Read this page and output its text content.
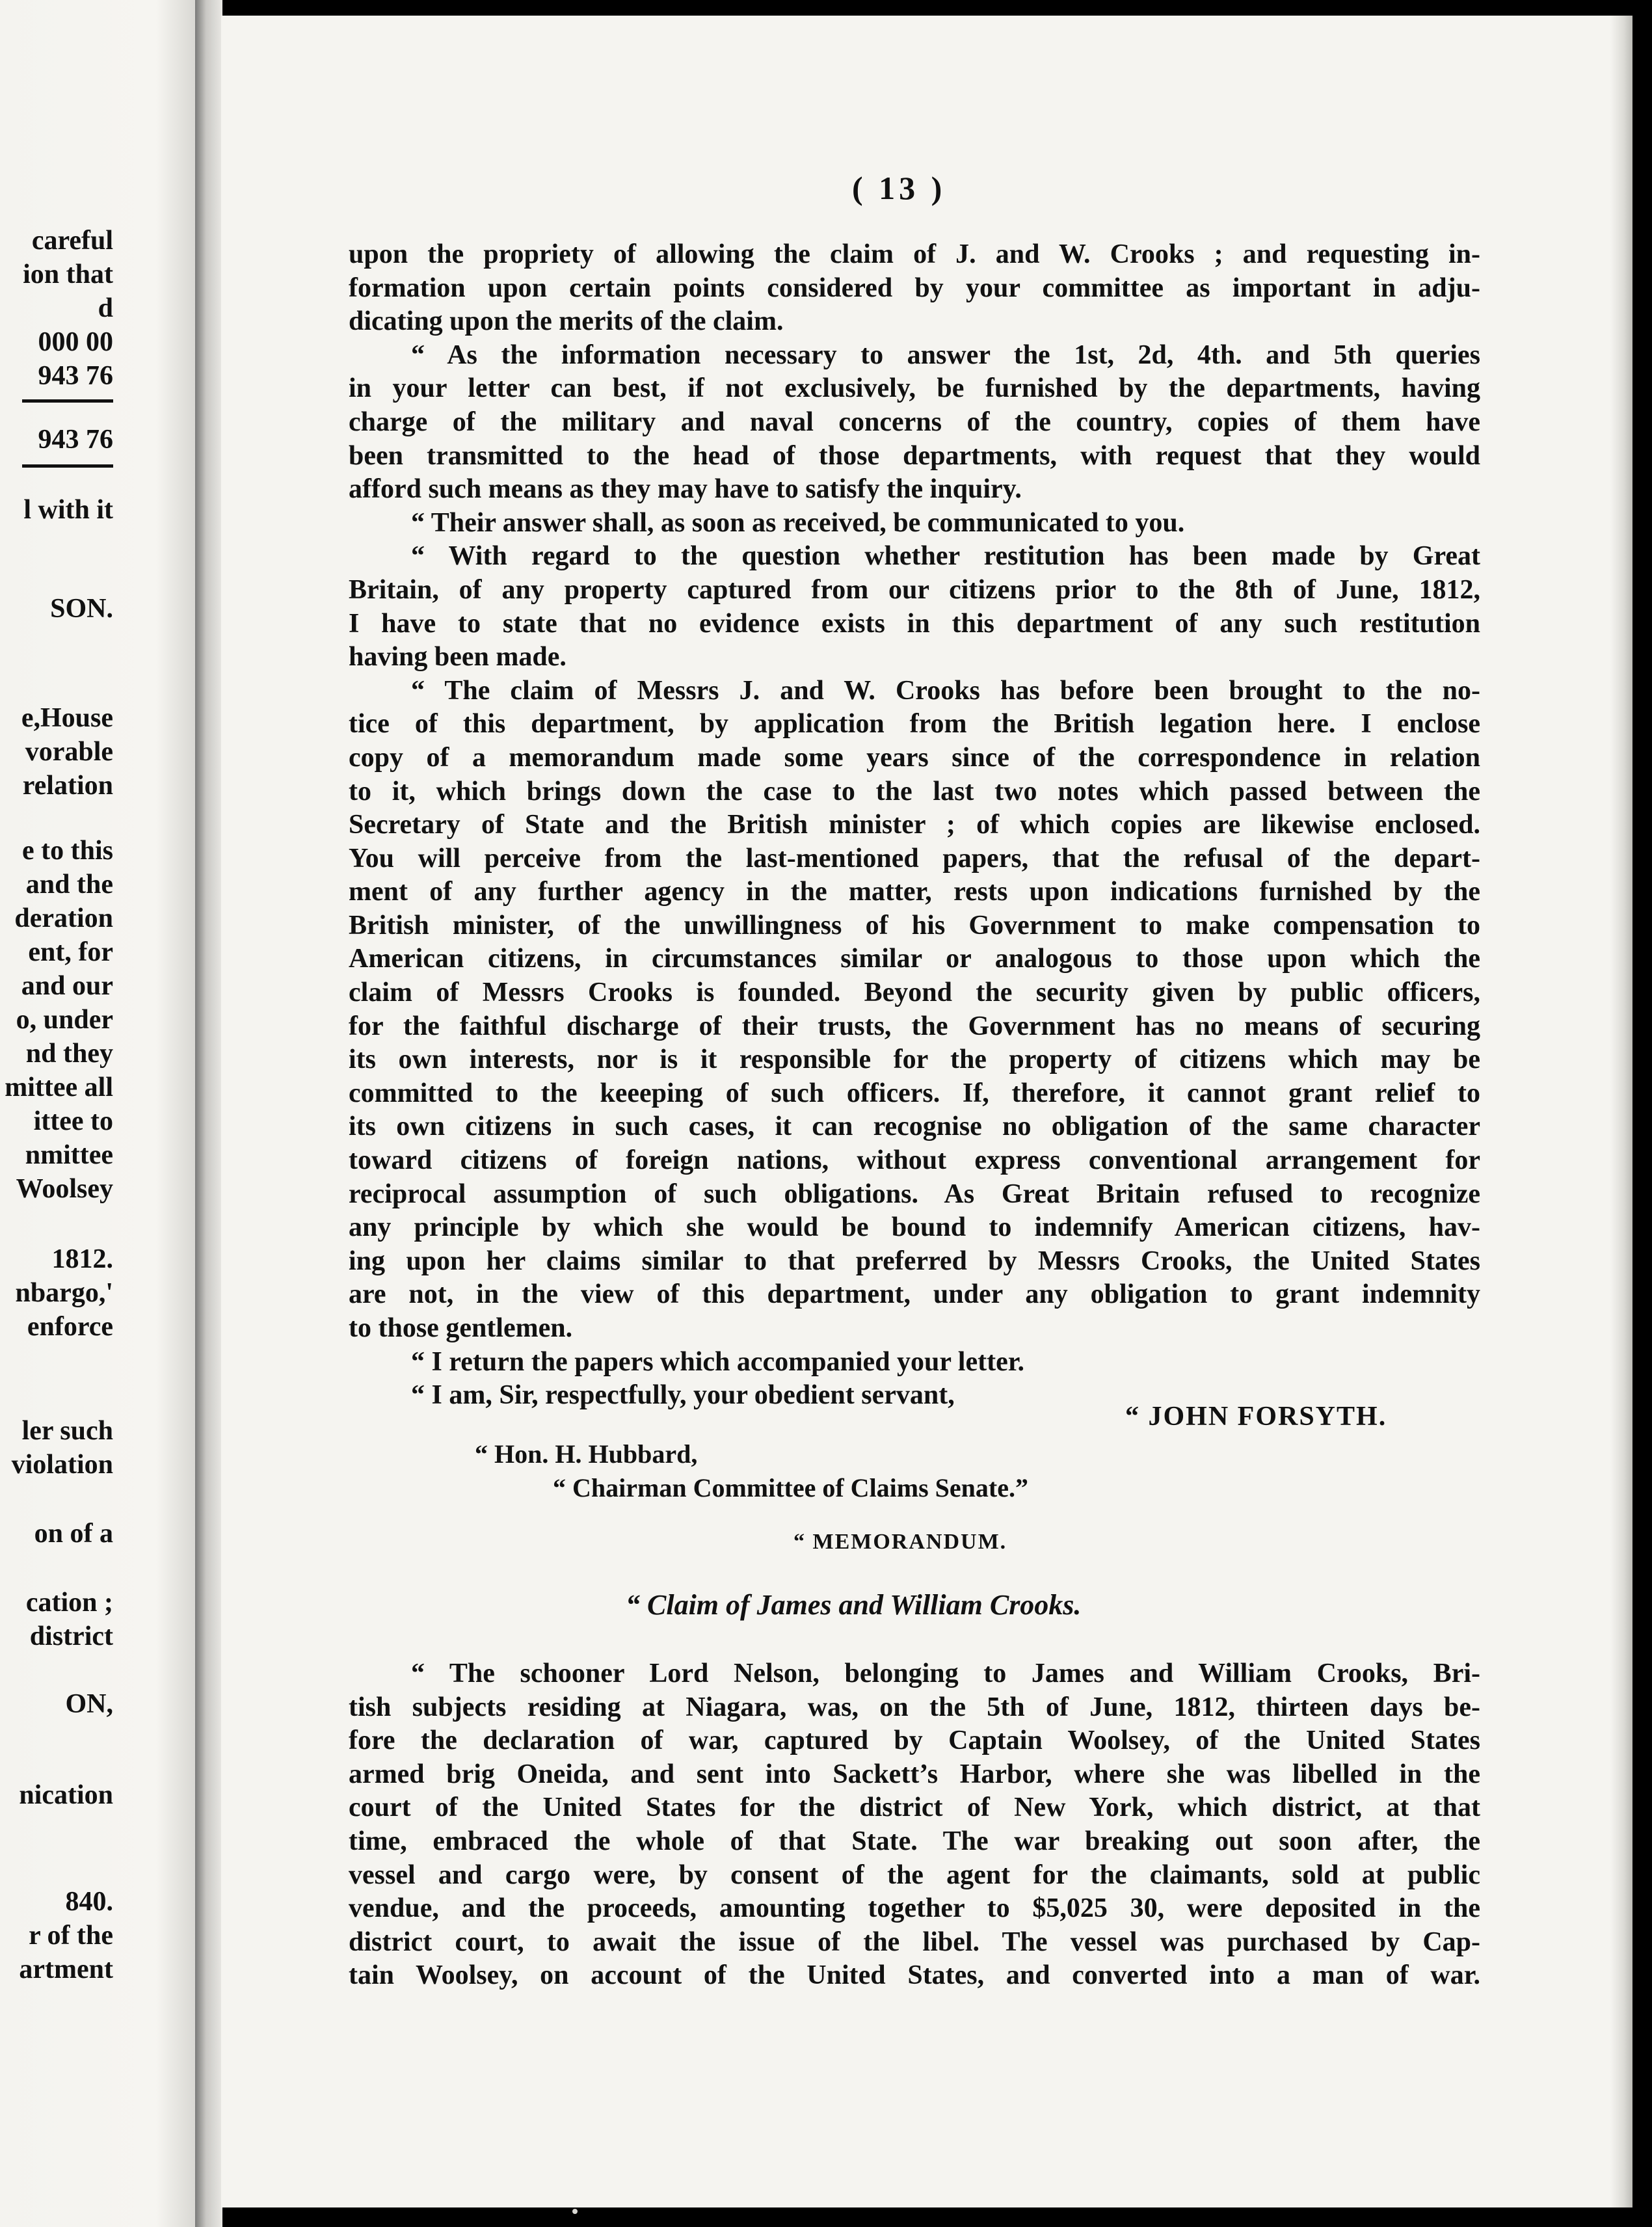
careful
ion that
d
000 00
943 76
943 76
l with it
SON.
e,House
vorable
relation
e to this
and the
deration
ent, for
and our
o, under
nd they
mittee all
ittee to
nmittee
Woolsey
1812.
nbargo,'
enforce
ler such
violation
on of a
cation ;
district
ON,
nication
840.
r of the
artment
( 13 )
upon the propriety of allowing the claim of J. and W. Crooks ; and requesting in-
formation upon certain points considered by your committee as important in adju-
dicating upon the merits of the claim.
“ As the information necessary to answer the 1st, 2d, 4th. and 5th queries
in your letter can best, if not exclusively, be furnished by the departments, having
charge of the military and naval concerns of the country, copies of them have
been transmitted to the head of those departments, with request that they would
afford such means as they may have to satisfy the inquiry.
“ Their answer shall, as soon as received, be communicated to you.
“ With regard to the question whether restitution has been made by Great
Britain, of any property captured from our citizens prior to the 8th of June, 1812,
I have to state that no evidence exists in this department of any such restitution
having been made.
“ The claim of Messrs J. and W. Crooks has before been brought to the no-
tice of this department, by application from the British legation here. I enclose
copy of a memorandum made some years since of the correspondence in relation
to it, which brings down the case to the last two notes which passed between the
Secretary of State and the British minister ; of which copies are likewise enclosed.
You will perceive from the last-mentioned papers, that the refusal of the depart-
ment of any further agency in the matter, rests upon indications furnished by the
British minister, of the unwillingness of his Government to make compensation to
American citizens, in circumstances similar or analogous to those upon which the
claim of Messrs Crooks is founded. Beyond the security given by public officers,
for the faithful discharge of their trusts, the Government has no means of securing
its own interests, nor is it responsible for the property of citizens which may be
committed to the keeeping of such officers. If, therefore, it cannot grant relief to
its own citizens in such cases, it can recognise no obligation of the same character
toward citizens of foreign nations, without express conventional arrangement for
reciprocal assumption of such obligations. As Great Britain refused to recognize
any principle by which she would be bound to indemnify American citizens, hav-
ing upon her claims similar to that preferred by Messrs Crooks, the United States
are not, in the view of this department, under any obligation to grant indemnity
to those gentlemen.
“ I return the papers which accompanied your letter.
“ I am, Sir, respectfully, your obedient servant,
“ JOHN FORSYTH.
“ Hon. H. Hubbard,
“ Chairman Committee of Claims Senate.”
“ MEMORANDUM.
“ Claim of James and William Crooks.
“ The schooner Lord Nelson, belonging to James and William Crooks, Bri-
tish subjects residing at Niagara, was, on the 5th of June, 1812, thirteen days be-
fore the declaration of war, captured by Captain Woolsey, of the United States
armed brig Oneida, and sent into Sackett’s Harbor, where she was libelled in the
court of the United States for the district of New York, which district, at that
time, embraced the whole of that State. The war breaking out soon after, the
vessel and cargo were, by consent of the agent for the claimants, sold at public
vendue, and the proceeds, amounting together to $5,025 30, were deposited in the
district court, to await the issue of the libel. The vessel was purchased by Cap-
tain Woolsey, on account of the United States, and converted into a man of war.
